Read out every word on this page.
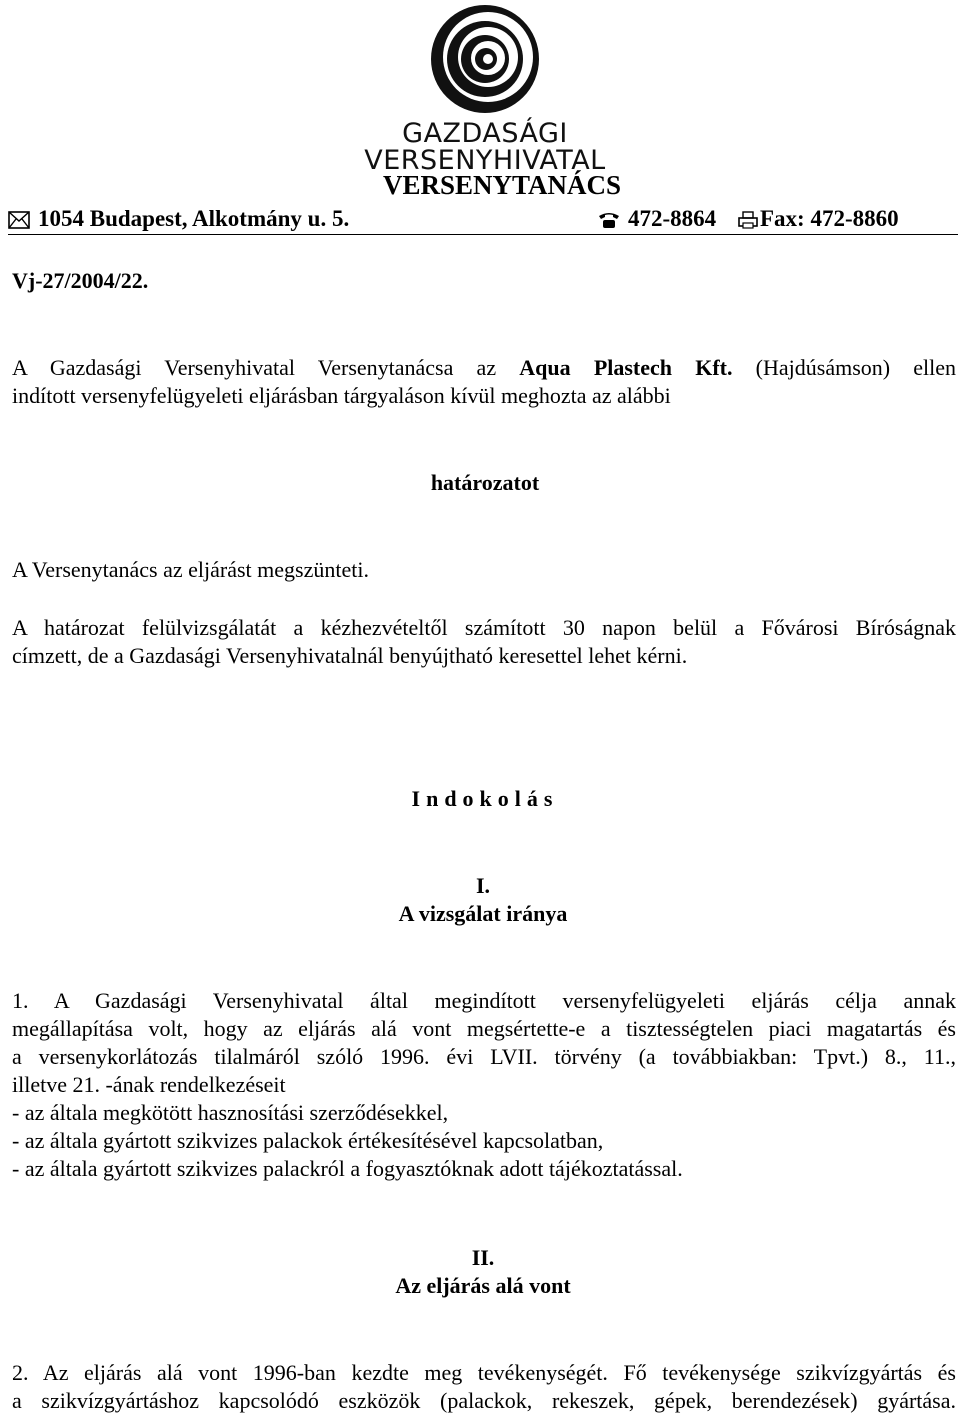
GAZDASÁGI
VERSENYHIVATAL
VERSENYTANÁCS
1054 Budapest, Alkotmány u. 5.	472-8864	Fax: 472-8860
Vj-27/2004/22.
A Gazdasági Versenyhivatal Versenytanácsa az Aqua Plastech Kft. (Hajdúsámson) ellen
indított versenyfelügyeleti eljárásban tárgyaláson kívül meghozta az alábbi
határozatot
A Versenytanács az eljárást megszünteti.
A határozat felülvizsgálatát a kézhezvételtől számított 30 napon belül a Fővárosi Bíróságnak
címzett, de a Gazdasági Versenyhivatalnál benyújtható keresettel lehet kérni.
Indokolás
I.
A vizsgálat iránya
1. A Gazdasági Versenyhivatal által megindított versenyfelügyeleti eljárás célja annak
megállapítása volt, hogy az eljárás alá vont megsértette-e a tisztességtelen piaci magatartás és
a versenykorlátozás tilalmáról szóló 1996. évi LVII. törvény (a továbbiakban: Tpvt.) 8., 11.,
illetve 21. -ának rendelkezéseit
- az általa megkötött hasznosítási szerződésekkel,
- az általa gyártott szikvizes palackok értékesítésével kapcsolatban,
- az általa gyártott szikvizes palackról a fogyasztóknak adott tájékoztatással.
II.
Az eljárás alá vont
2. Az eljárás alá vont 1996-ban kezdte meg tevékenységét. Fő tevékenysége szikvízgyártás és
a szikvízgyártáshoz kapcsolódó eszközök (palackok, rekeszek, gépek, berendezések) gyártása.
